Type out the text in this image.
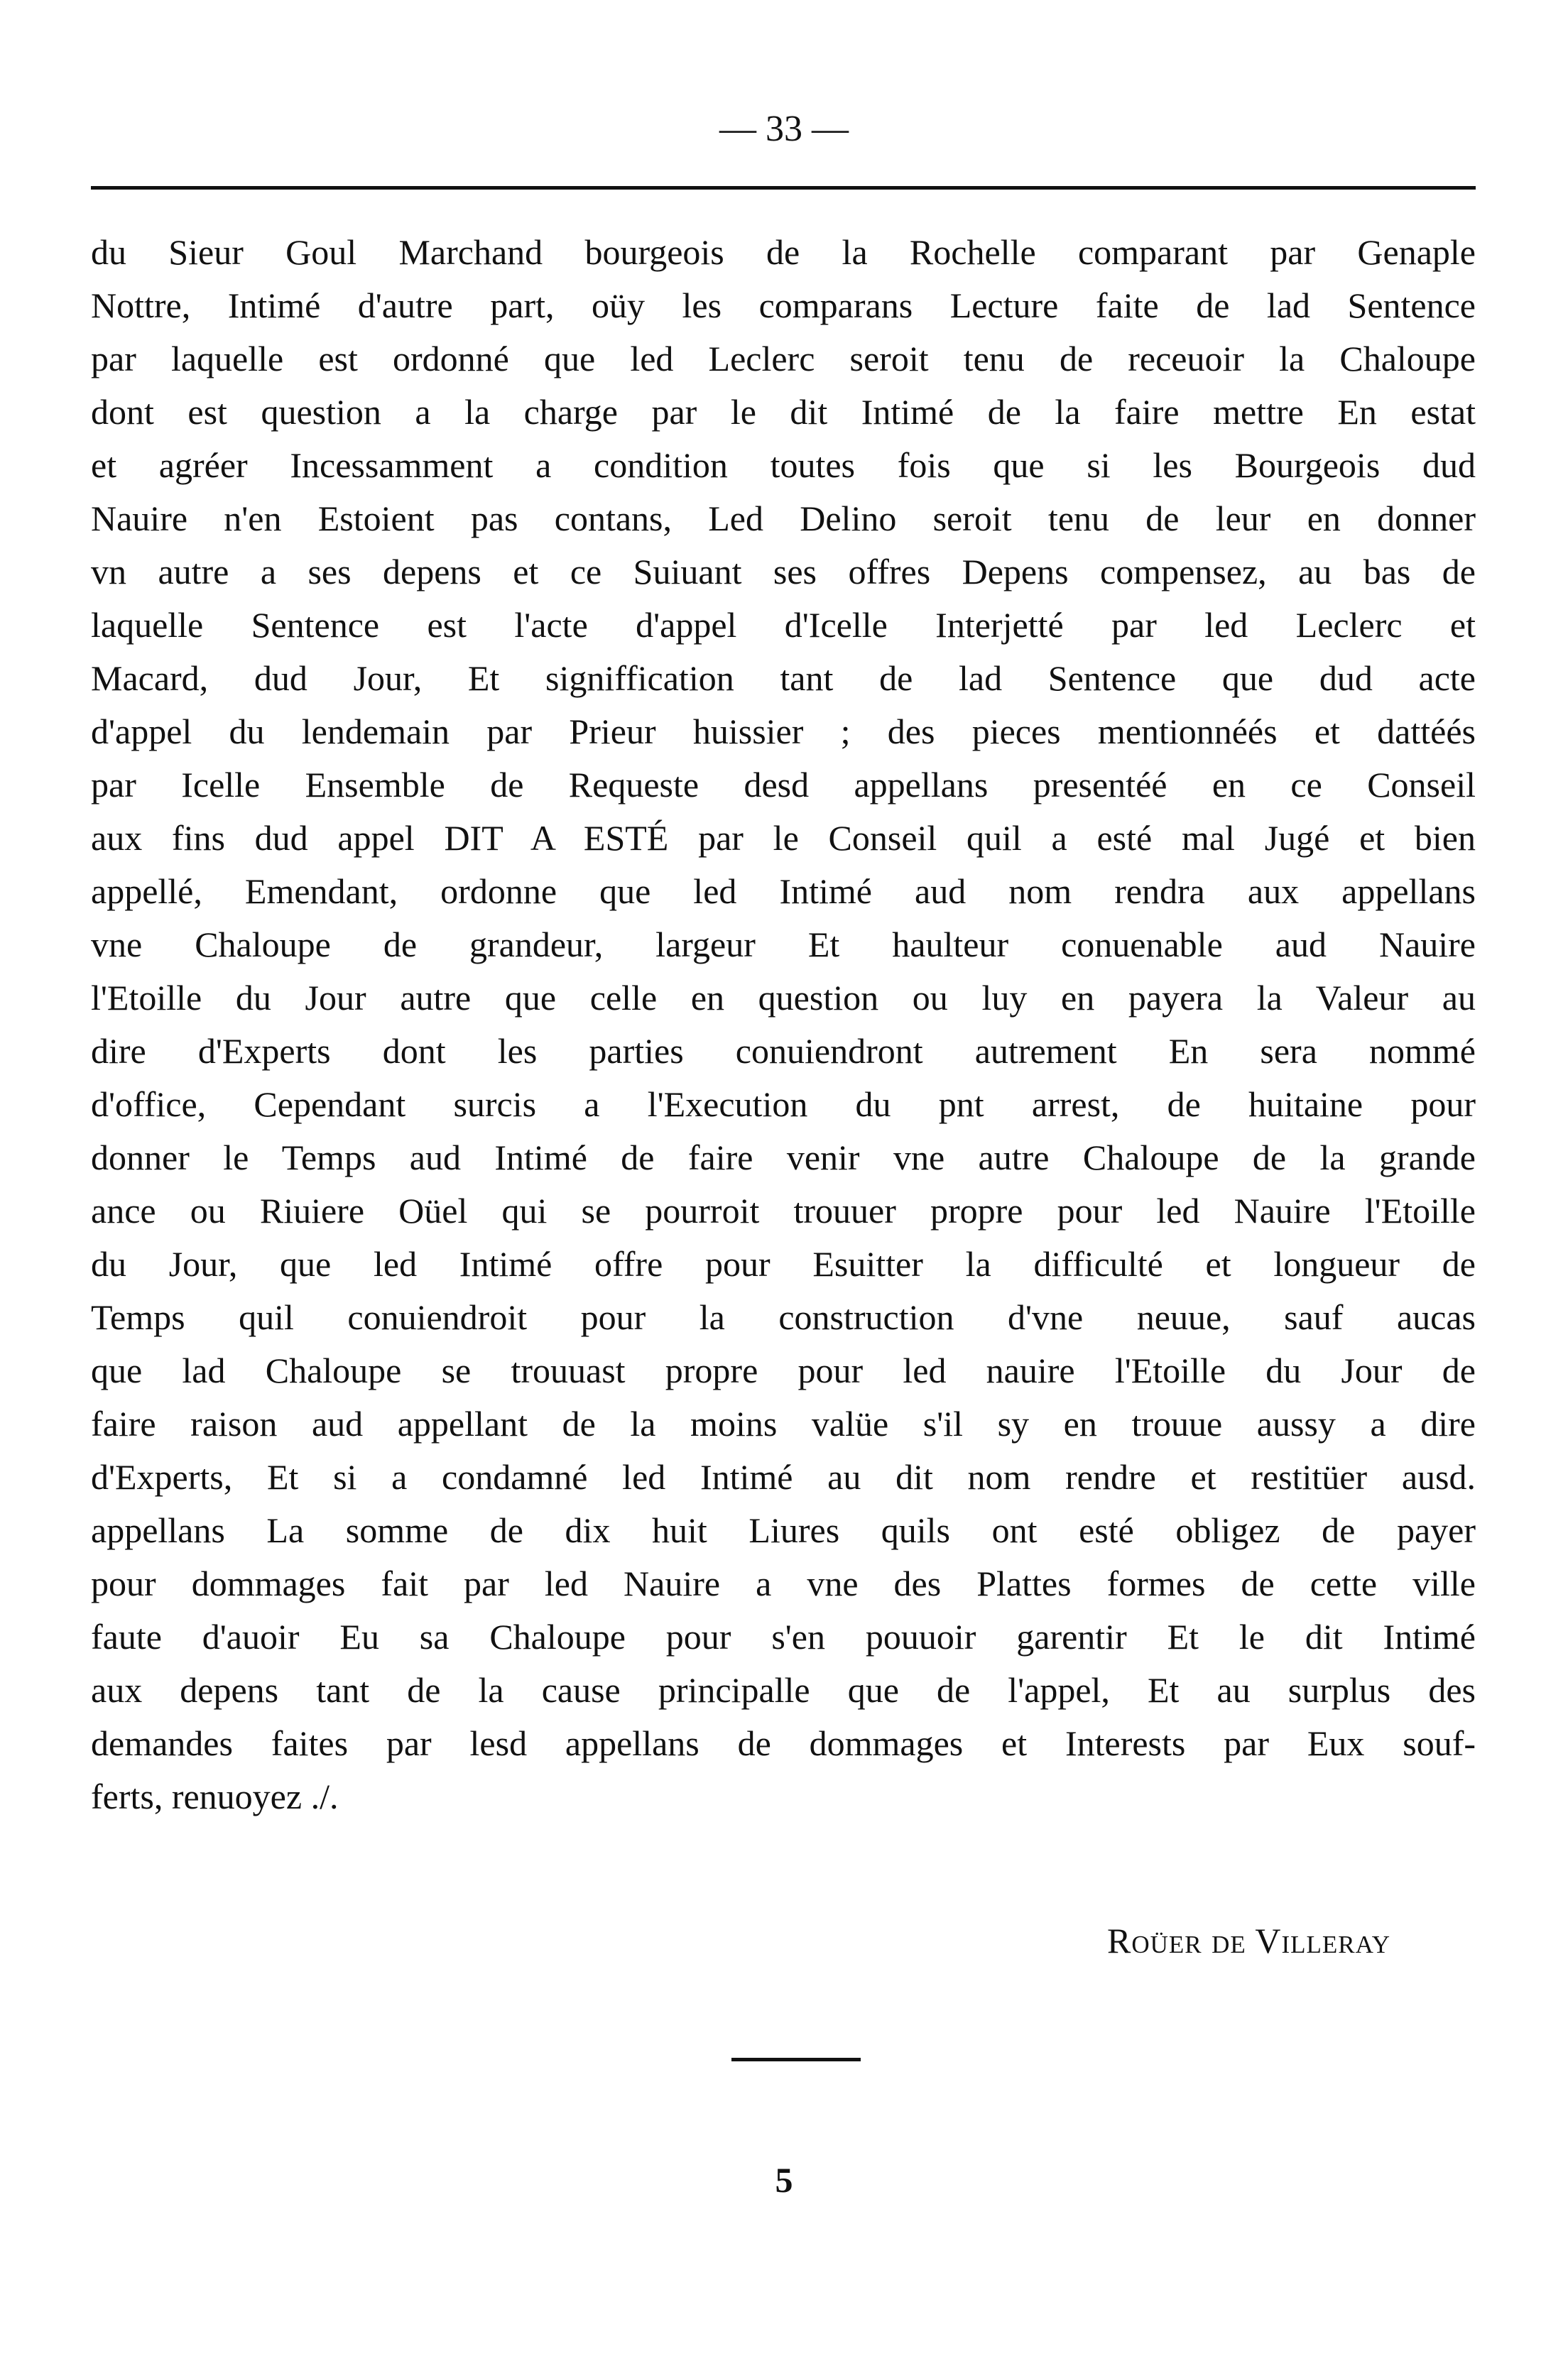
— 33 —
du Sieur Goul Marchand bourgeois de la Rochelle comparant par Genaple
Nottre, Intimé d'autre part, oüy les comparans Lecture faite de lad Sentence
par laquelle est ordonné que led Leclerc seroit tenu de receuoir la Chaloupe
dont est question a la charge par le dit Intimé de la faire mettre En estat
et agréer Incessamment a condition toutes fois que si les Bourgeois dud
Nauire n'en Estoient pas contans, Led Delino seroit tenu de leur en donner
vn autre a ses depens et ce Suiuant ses offres Depens compensez, au bas de
laquelle Sentence est l'acte d'appel d'Icelle Interjetté par led Leclerc et
Macard, dud Jour, Et signiffication tant de lad Sentence que dud acte
d'appel du lendemain par Prieur huissier ; des pieces mentionnéés et dattéés
par Icelle Ensemble de Requeste desd appellans presentéé en ce Conseil
aux fins dud appel DIT A ESTÉ par le Conseil quil a esté mal Jugé et bien
appellé, Emendant, ordonne que led Intimé aud nom rendra aux appellans
vne Chaloupe de grandeur, largeur Et haulteur conuenable aud Nauire
l'Etoille du Jour autre que celle en question ou luy en payera la Valeur au
dire d'Experts dont les parties conuiendront autrement En sera nommé
d'office, Cependant surcis a l'Execution du pnt arrest, de huitaine pour
donner le Temps aud Intimé de faire venir vne autre Chaloupe de la grande
ance ou Riuiere Oüel qui se pourroit trouuer propre pour led Nauire l'Etoille
du Jour, que led Intimé offre pour Esuitter la difficulté et longueur de
Temps quil conuiendroit pour la construction d'vne neuue, sauf aucas
que lad Chaloupe se trouuast propre pour led nauire l'Etoille du Jour de
faire raison aud appellant de la moins valüe s'il sy en trouue aussy a dire
d'Experts, Et si a condamné led Intimé au dit nom rendre et restitüer ausd.
appellans La somme de dix huit Liures quils ont esté obligez de payer
pour dommages fait par led Nauire a vne des Plattes formes de cette ville
faute d'auoir Eu sa Chaloupe pour s'en pouuoir garentir Et le dit Intimé
aux depens tant de la cause principalle que de l'appel, Et au surplus des
demandes faites par lesd appellans de dommages et Interests par Eux souf-
ferts, renuoyez ./.
Roüer de Villeray
5
